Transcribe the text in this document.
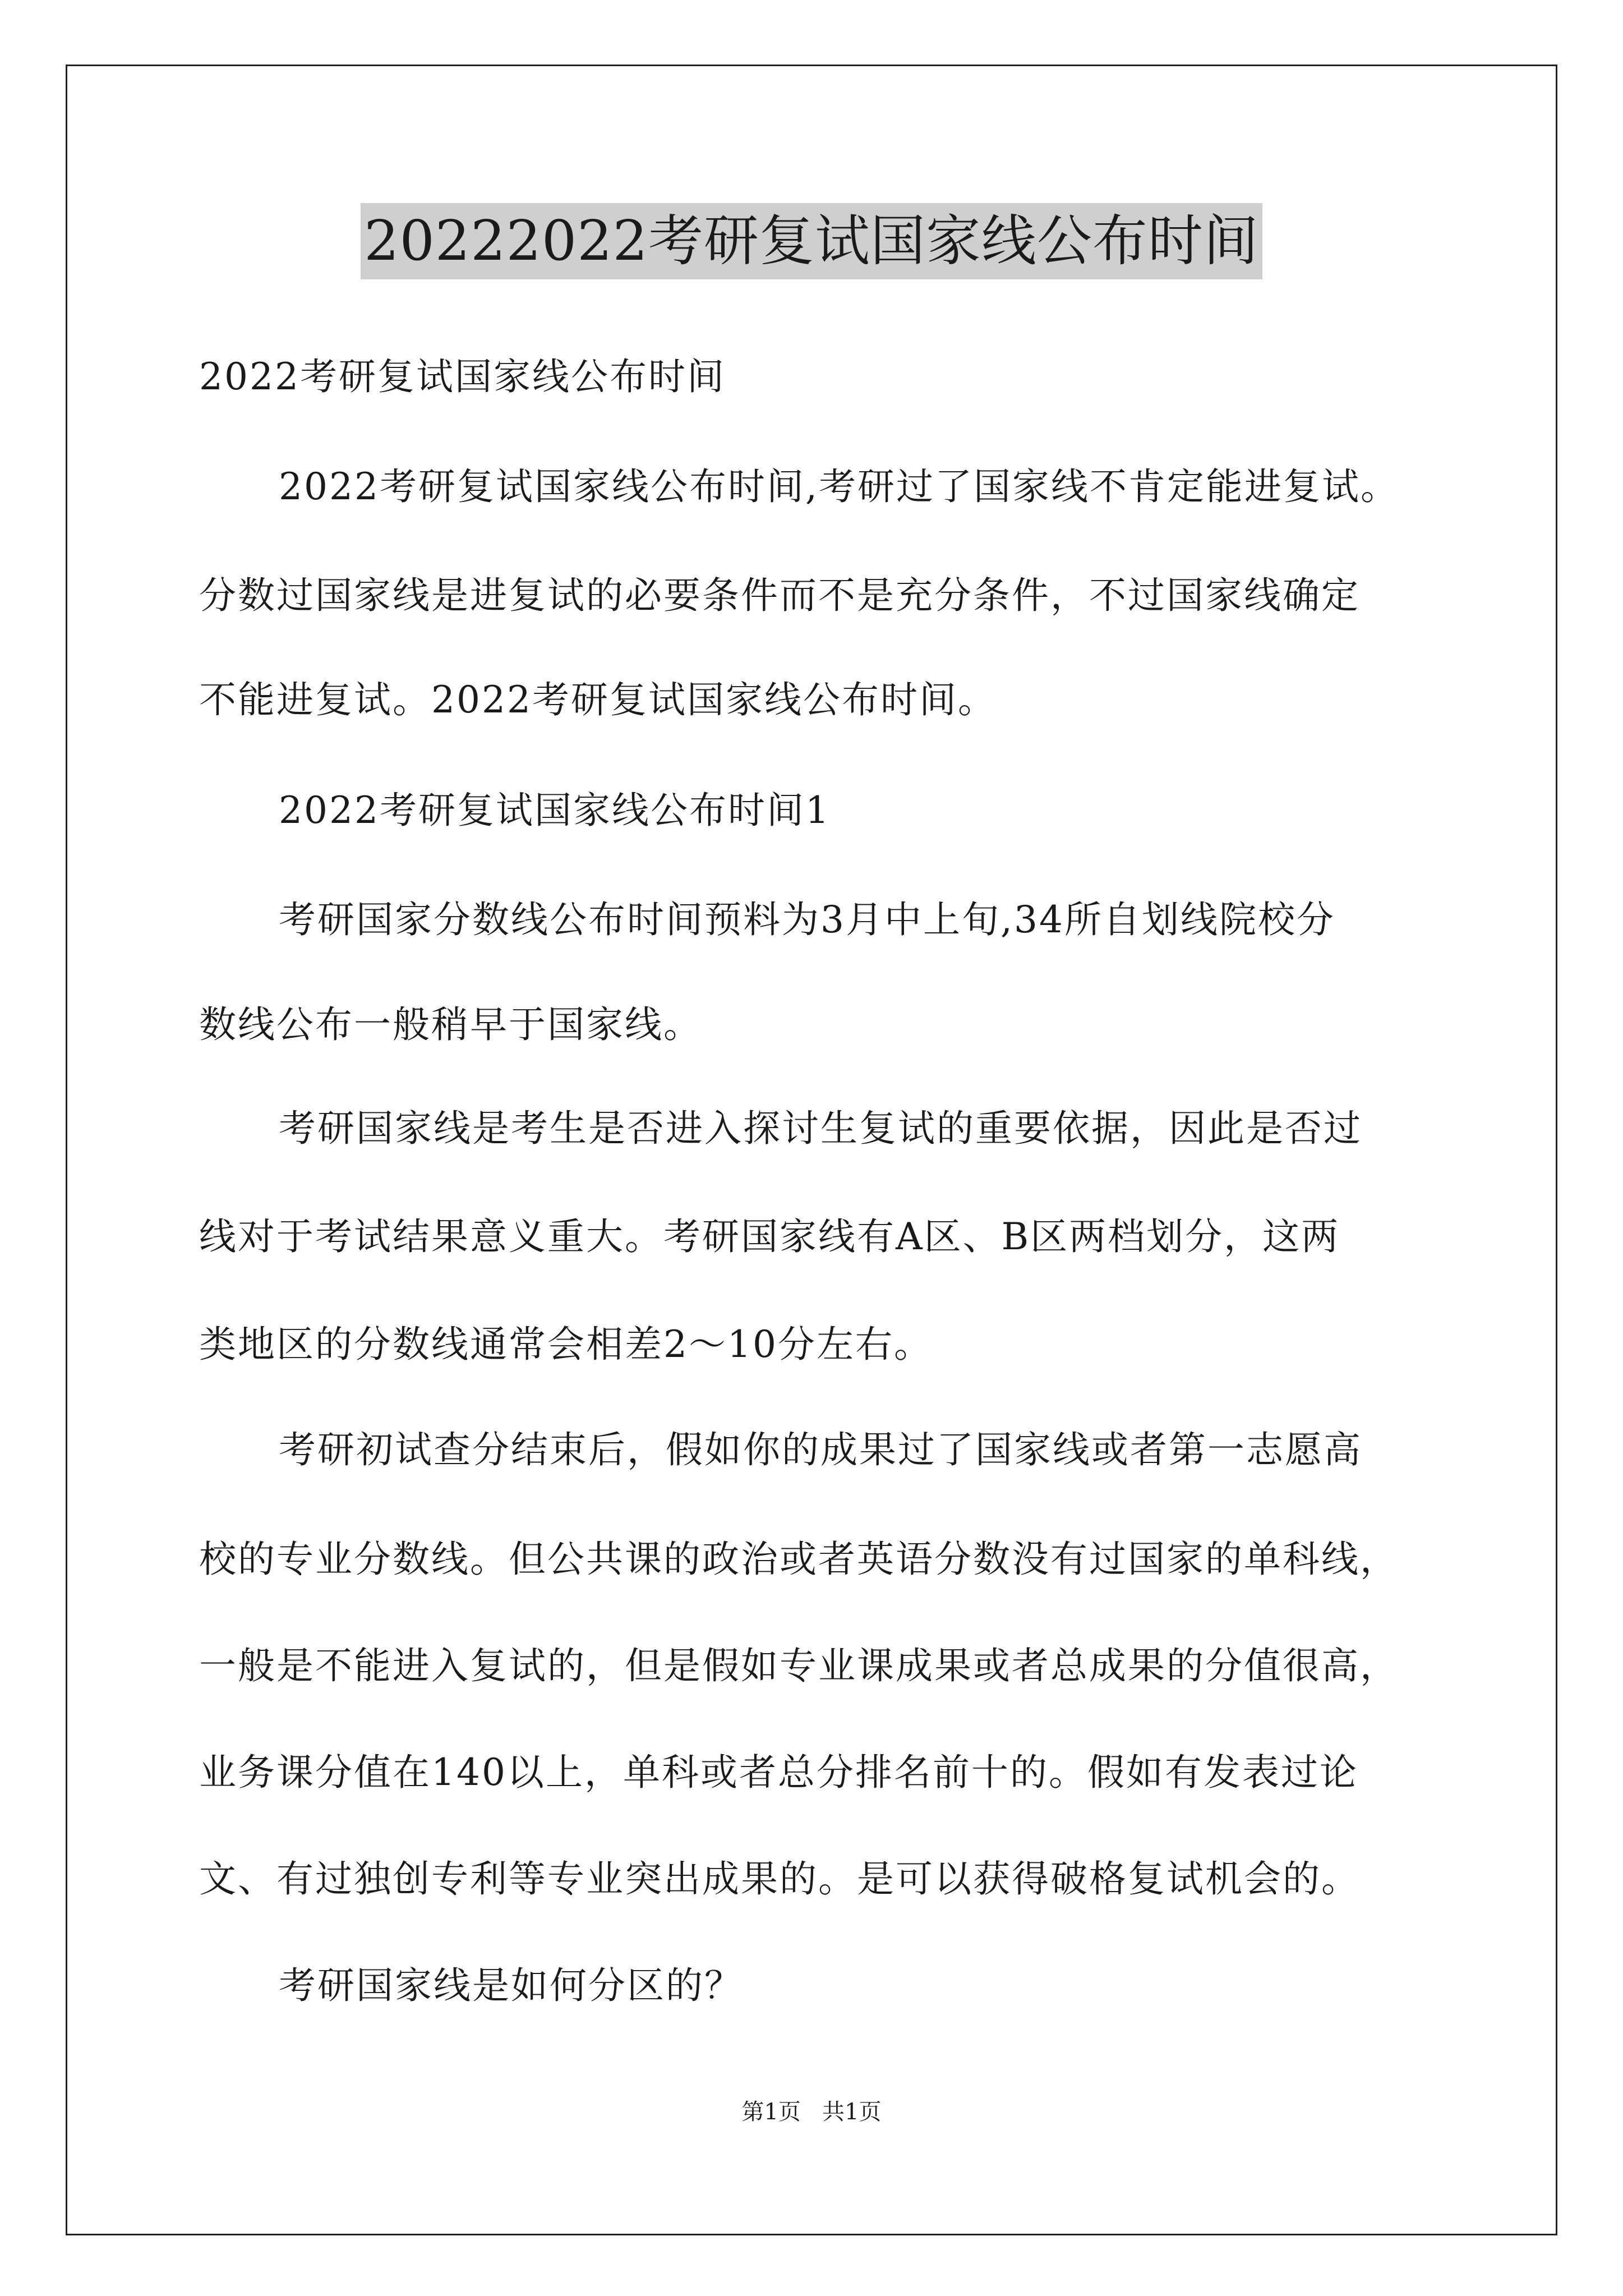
20222022考研复试国家线公布时间
2022考研复试国家线公布时间
2022考研复试国家线公布时间,考研过了国家线不肯定能进复试。
分数过国家线是进复试的必要条件而不是充分条件，不过国家线确定
不能进复试。2022考研复试国家线公布时间。
2022考研复试国家线公布时间1
考研国家分数线公布时间预料为3月中上旬,34所自划线院校分
数线公布一般稍早于国家线。
考研国家线是考生是否进入探讨生复试的重要依据，因此是否过
线对于考试结果意义重大。考研国家线有A区、B区两档划分，这两
类地区的分数线通常会相差2～10分左右。
考研初试查分结束后，假如你的成果过了国家线或者第一志愿高
校的专业分数线。但公共课的政治或者英语分数没有过国家的单科线，
一般是不能进入复试的，但是假如专业课成果或者总成果的分值很高，
业务课分值在140以上，单科或者总分排名前十的。假如有发表过论
文、有过独创专利等专业突出成果的。是可以获得破格复试机会的。
考研国家线是如何分区的？
第1页   共1页
